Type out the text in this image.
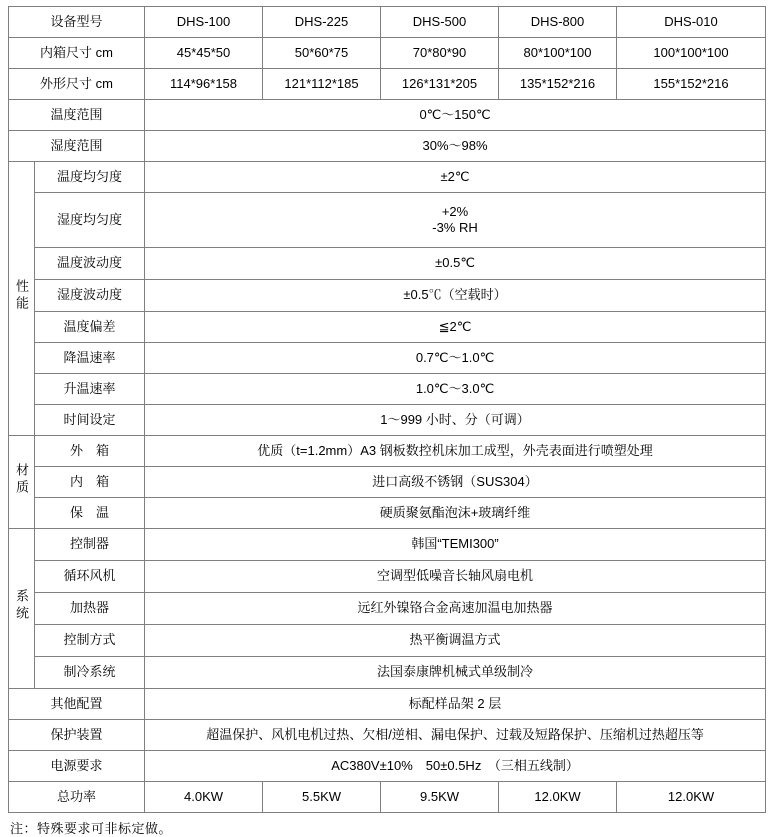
设备型号		DHS-100	DHS-225	DHS-500	DHS-800	DHS-010
内箱尺寸 cm		45*45*50	50*60*75	70*80*90	80*100*100	100*100*100
外形尺寸 cm		114*96*158	121*112*185	126*131*205	135*152*216	155*152*216
温度范围		0℃～150℃				
湿度范围		30%～98%				
性能	温度均匀度	±2℃				
	湿度均匀度	+2%
-3% RH				

	温度波动度	±0.5℃				
	湿度波动度	±0.5℃（空载时）				
	温度偏差	≦2℃				
	降温速率	0.7℃～1.0℃				
	升温速率	1.0℃～3.0℃				
	时间设定	1～999 小时、分（可调）				
材质	外　箱	优质（t=1.2mm）A3 钢板数控机床加工成型，外壳表面进行喷塑处理				
	内　箱	进口高级不锈钢（SUS304）				
	保　温	硬质聚氨酯泡沫+玻璃纤维				
系统	控制器	韩国“TEMI300”				
	循环风机	空调型低噪音长轴风扇电机				
	加热器	远红外镍铬合金高速加温电加热器				
	控制方式	热平衡调温方式				
	制冷系统	法国泰康牌机械式单级制冷				
其他配置		标配样品架 2 层				
保护装置		超温保护、风机电机过热、欠相/逆相、漏电保护、过载及短路保护、压缩机过热超压等				
电源要求		AC380V±10%　50±0.5Hz　（三相五线制）				
总功率		4.0KW	5.5KW	9.5KW	12.0KW	12.0KW
注：特殊要求可非标定做。
